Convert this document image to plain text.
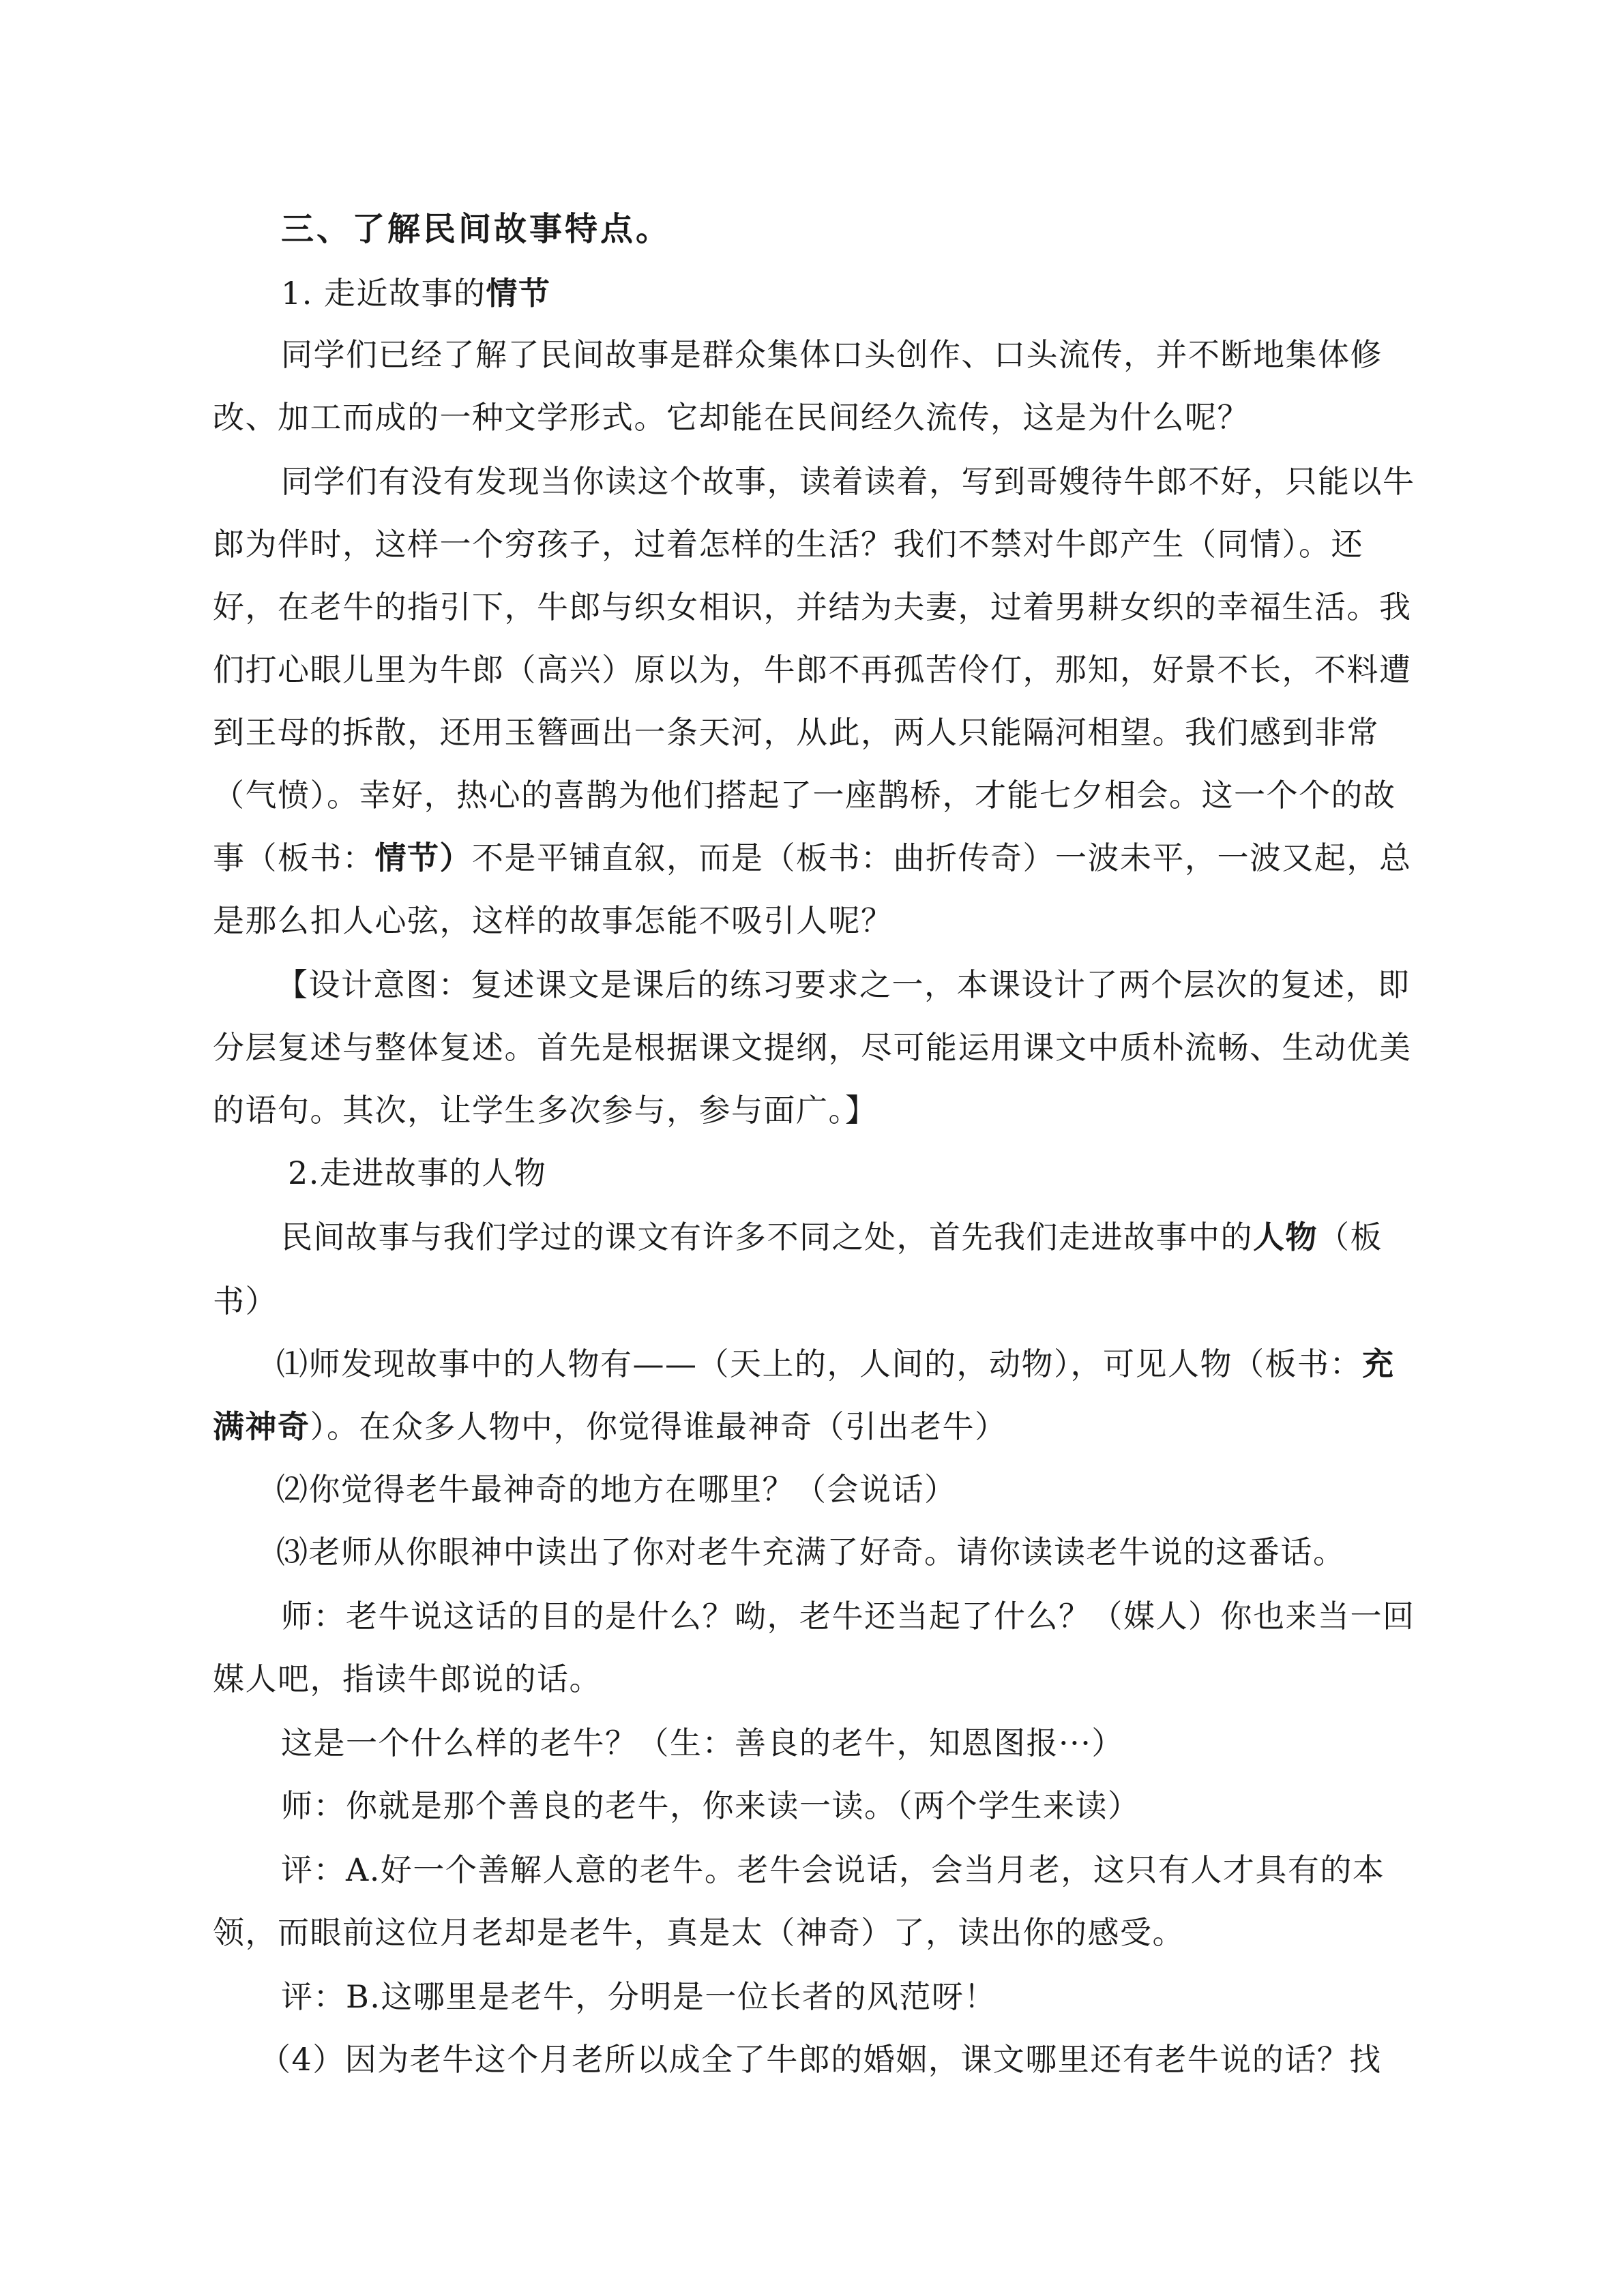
三、了解民间故事特点。
1. 走近故事的情节
同学们已经了解了民间故事是群众集体口头创作、口头流传，并不断地集体修
改、加工而成的一种文学形式。它却能在民间经久流传，这是为什么呢？
同学们有没有发现当你读这个故事，读着读着，写到哥嫂待牛郎不好，只能以牛
郎为伴时，这样一个穷孩子，过着怎样的生活？我们不禁对牛郎产生（同情）。还
好，在老牛的指引下，牛郎与织女相识，并结为夫妻，过着男耕女织的幸福生活。我
们打心眼儿里为牛郎（高兴）原以为，牛郎不再孤苦伶仃，那知，好景不长，不料遭
到王母的拆散，还用玉簪画出一条天河，从此，两人只能隔河相望。我们感到非常
（气愤）。幸好，热心的喜鹊为他们搭起了一座鹊桥，才能七夕相会。这一个个的故
事（板书：情节）不是平铺直叙，而是（板书：曲折传奇）一波未平，一波又起，总
是那么扣人心弦，这样的故事怎能不吸引人呢？
【设计意图：复述课文是课后的练习要求之一，本课设计了两个层次的复述，即
分层复述与整体复述。首先是根据课文提纲，尽可能运用课文中质朴流畅、生动优美
的语句。其次，让学生多次参与，参与面广。】
2.走进故事的人物
民间故事与我们学过的课文有许多不同之处，首先我们走进故事中的人物（板
书）
⑴师发现故事中的人物有——（天上的，人间的，动物），可见人物（板书：充
满神奇）。在众多人物中，你觉得谁最神奇（引出老牛）
⑵你觉得老牛最神奇的地方在哪里？（会说话）
⑶老师从你眼神中读出了你对老牛充满了好奇。请你读读老牛说的这番话。
师：老牛说这话的目的是什么？呦，老牛还当起了什么？（媒人）你也来当一回
媒人吧，指读牛郎说的话。
这是一个什么样的老牛？（生：善良的老牛，知恩图报···）
师：你就是那个善良的老牛，你来读一读。（两个学生来读）
评：A.好一个善解人意的老牛。老牛会说话，会当月老，这只有人才具有的本
领，而眼前这位月老却是老牛，真是太（神奇）了，读出你的感受。
评：B.这哪里是老牛，分明是一位长者的风范呀！
（4）因为老牛这个月老所以成全了牛郎的婚姻，课文哪里还有老牛说的话？找
